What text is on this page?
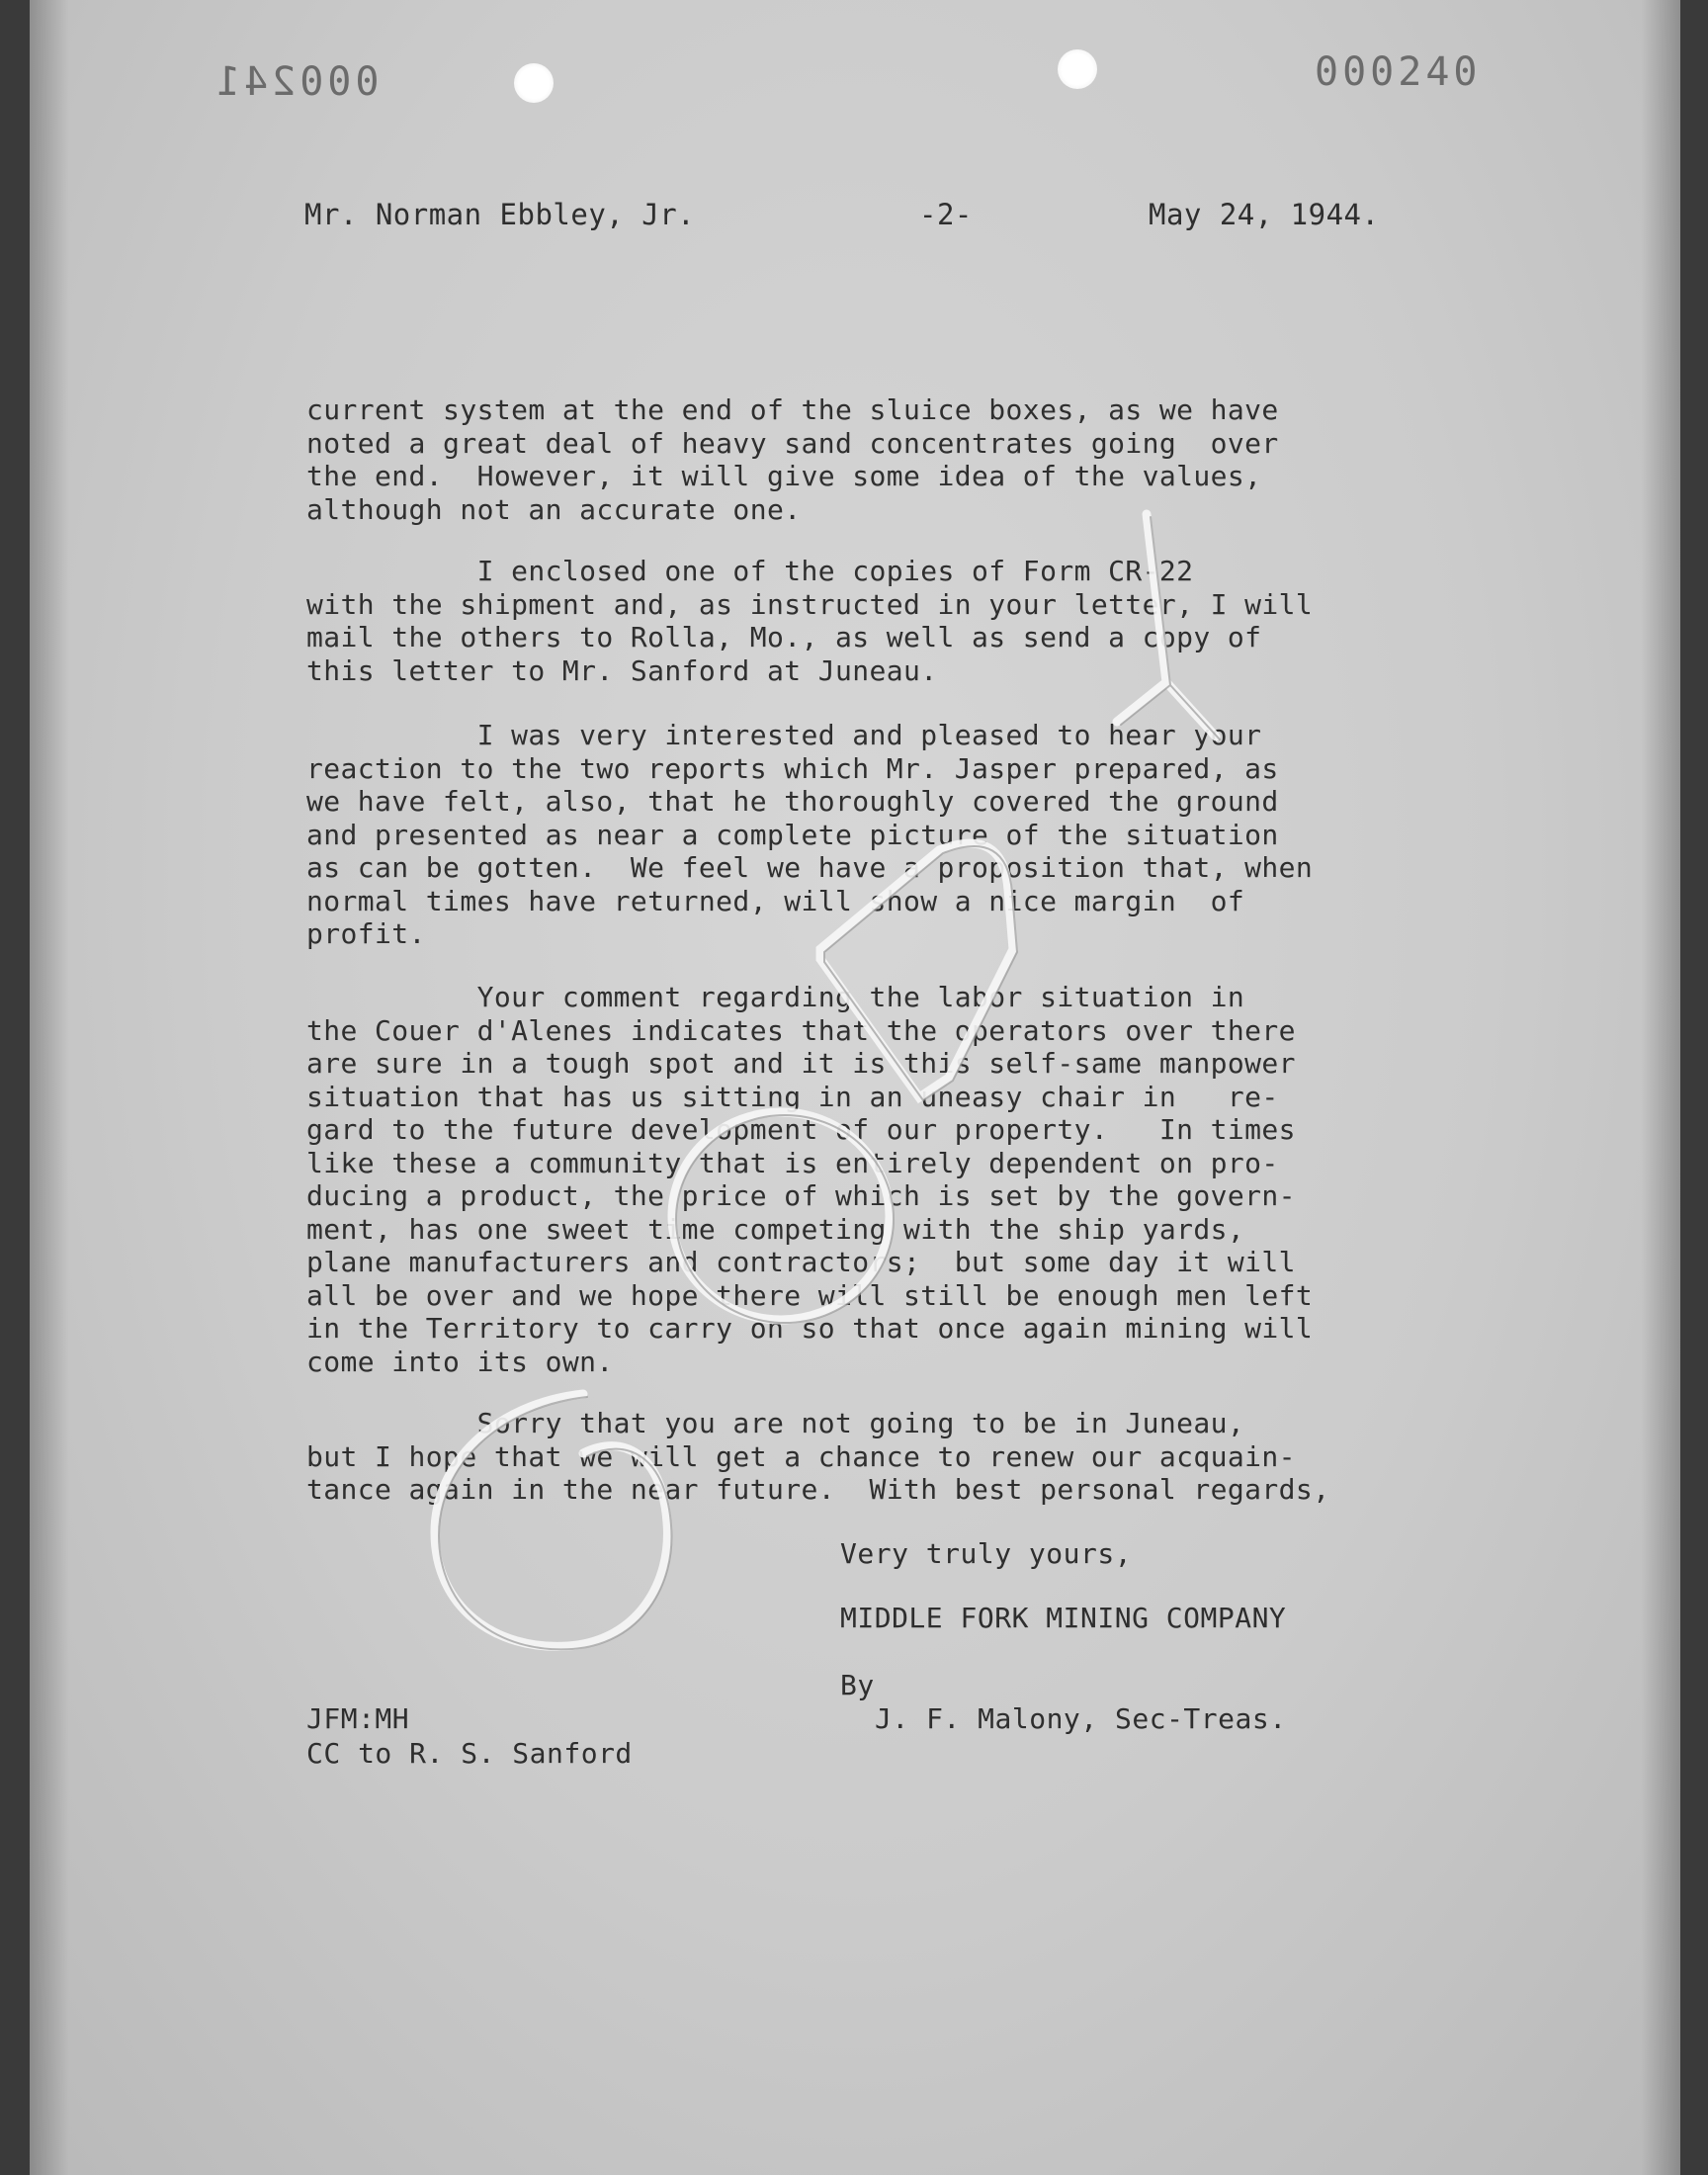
000241	000240
Mr. Norman Ebbley, Jr.	-2-	May 24, 1944.
current system at the end of the sluice boxes, as we have
noted a great deal of heavy sand concentrates going  over
the end.  However, it will give some idea of the values,
although not an accurate one.
I enclosed one of the copies of Form CR-22
with the shipment and, as instructed in your letter, I will
mail the others to Rolla, Mo., as well as send a copy of
this letter to Mr. Sanford at Juneau.
I was very interested and pleased to hear your
reaction to the two reports which Mr. Jasper prepared, as
we have felt, also, that he thoroughly covered the ground
and presented as near a complete picture of the situation
as can be gotten.  We feel we have a proposition that, when
normal times have returned, will show a nice margin  of
profit.
Your comment regarding the labor situation in
the Couer d'Alenes indicates that the operators over there
are sure in a tough spot and it is this self-same manpower
situation that has us sitting in an uneasy chair in   re-
gard to the future development of our property.   In times
like these a community that is entirely dependent on pro-
ducing a product, the price of which is set by the govern-
ment, has one sweet time competing with the ship yards,
plane manufacturers and contractors;  but some day it will
all be over and we hope there will still be enough men left
in the Territory to carry on so that once again mining will
come into its own.
Sorry that you are not going to be in Juneau,
but I hope that we will get a chance to renew our acquain-
tance again in the near future.  With best personal regards,
Very truly yours,
MIDDLE FORK MINING COMPANY
By
J. F. Malony, Sec-Treas.
JFM:MH
CC to R. S. Sanford
